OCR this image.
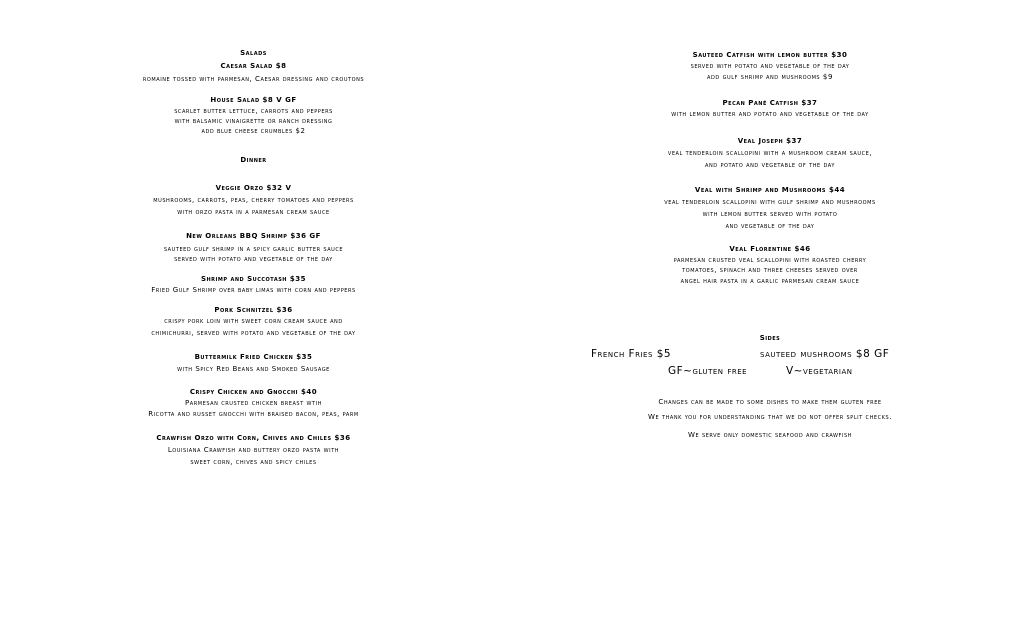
Salads
Caesar Salad $8
romaine tossed with parmesan, Caesar dressing and croutons
House Salad $8 V GF
scarlet butter lettuce, carrots and peppers
with balsamic vinaigrette or ranch dressing
add blue cheese crumbles $2
Dinner
Veggie Orzo $32 V
mushrooms, carrots, peas, cherry tomatoes and peppers
with orzo pasta in a parmesan cream sauce
New Orleans BBQ Shrimp $36 GF
sauteed gulf shrimp in a spicy garlic butter sauce
served with potato and vegetable of the day
Shrimp and Succotash $35
Fried Gulf Shrimp over baby limas with corn and peppers
Pork Schnitzel $36
crispy pork loin with sweet corn cream sauce and
chimichurri, served with potato and vegetable of the day
Buttermilk Fried Chicken $35
with Spicy Red Beans and Smoked Sausage
Crispy Chicken and Gnocchi $40
Parmesan crusted chicken breast wtih
Ricotta and russet gnocchi with braised bacon, peas, parm
Crawfish Orzo with Corn, Chives and Chiles $36
Louisiana Crawfish and buttery orzo pasta with
sweet corn, chives and spicy chiles
Sauteed Catfish with lemon butter $30
served with potato and vegetable of the day
add gulf shrimp and mushrooms $9
Pecan Pané Catfish $37
with lemon butter and potato and vegetable of the day
Veal Joseph $37
veal tenderloin scallopini with a mushroom cream sauce,
and potato and vegetable of the day
Veal with Shrimp and Mushrooms $44
veal tenderloin scallopini with gulf shrimp and mushrooms
with lemon butter served with potato
and vegetable of the day
Veal Florentine $46
parmesan crusted veal scallopini with roasted cherry
tomatoes, spinach and three cheeses served over
angel hair pasta in a garlic parmesan cream sauce
Sides
French Fries $5	sauteed mushrooms $8 GF
GF~gluten free	V~vegetarian
Changes can be made to some dishes to make them gluten free
We thank you for understanding that we do not offer split checks.
We serve only domestic seafood and crawfish
